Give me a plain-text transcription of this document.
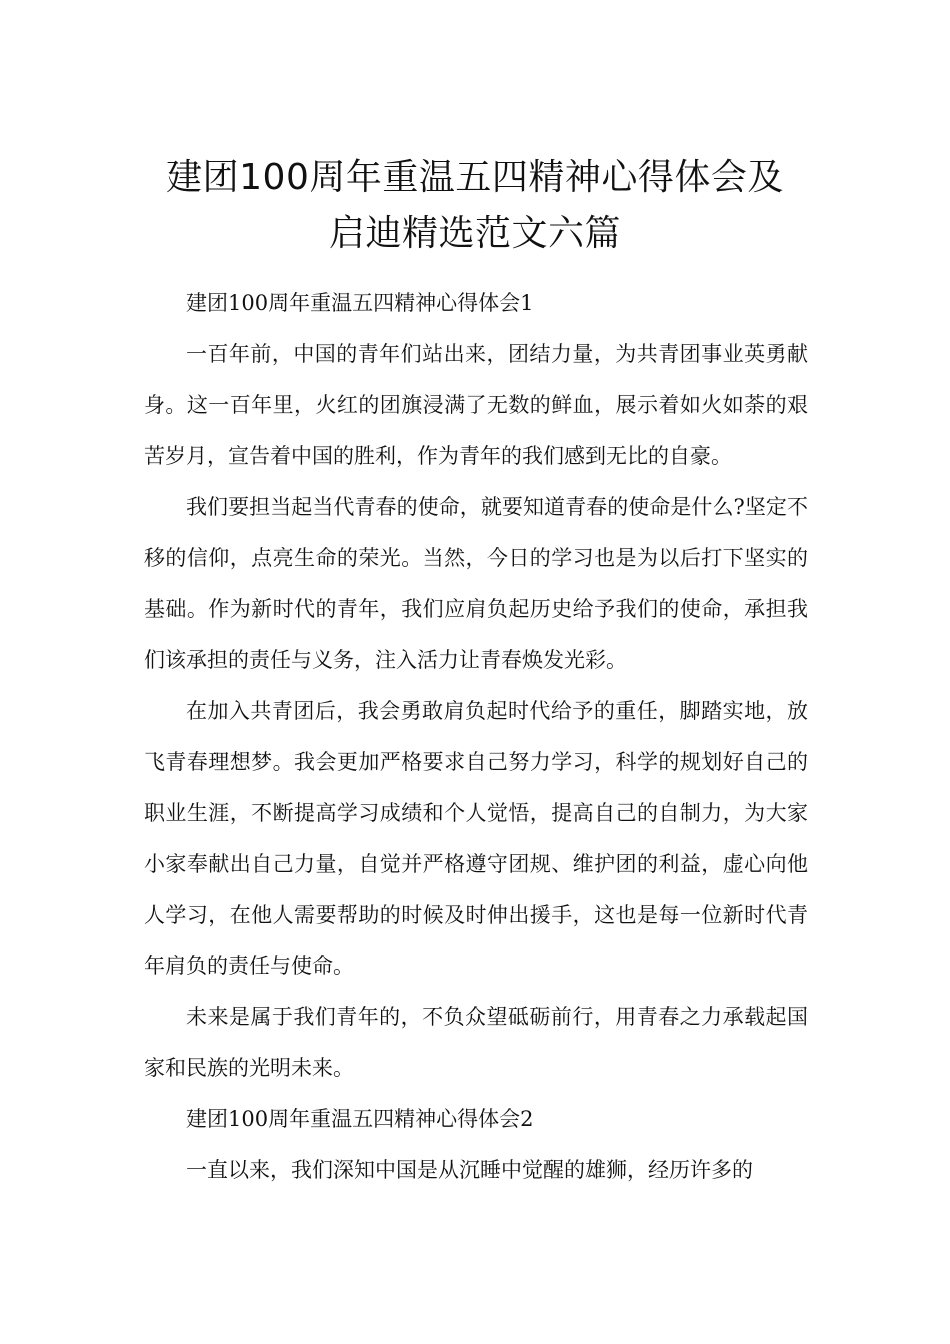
建团100周年重温五四精神心得体会及
启迪精选范文六篇

建团100周年重温五四精神心得体会1

一百年前，中国的青年们站出来，团结力量，为共青团事业英勇献身。这一百年里，火红的团旗浸满了无数的鲜血，展示着如火如荼的艰苦岁月，宣告着中国的胜利，作为青年的我们感到无比的自豪。

我们要担当起当代青春的使命，就要知道青春的使命是什么?坚定不移的信仰，点亮生命的荣光。当然，今日的学习也是为以后打下坚实的基础。作为新时代的青年，我们应肩负起历史给予我们的使命，承担我们该承担的责任与义务，注入活力让青春焕发光彩。

在加入共青团后，我会勇敢肩负起时代给予的重任，脚踏实地，放飞青春理想梦。我会更加严格要求自己努力学习，科学的规划好自己的职业生涯，不断提高学习成绩和个人觉悟，提高自己的自制力，为大家小家奉献出自己力量，自觉并严格遵守团规、维护团的利益，虚心向他人学习，在他人需要帮助的时候及时伸出援手，这也是每一位新时代青年肩负的责任与使命。

未来是属于我们青年的，不负众望砥砺前行，用青春之力承载起国家和民族的光明未来。

建团100周年重温五四精神心得体会2

一直以来，我们深知中国是从沉睡中觉醒的雄狮，经历许多的
